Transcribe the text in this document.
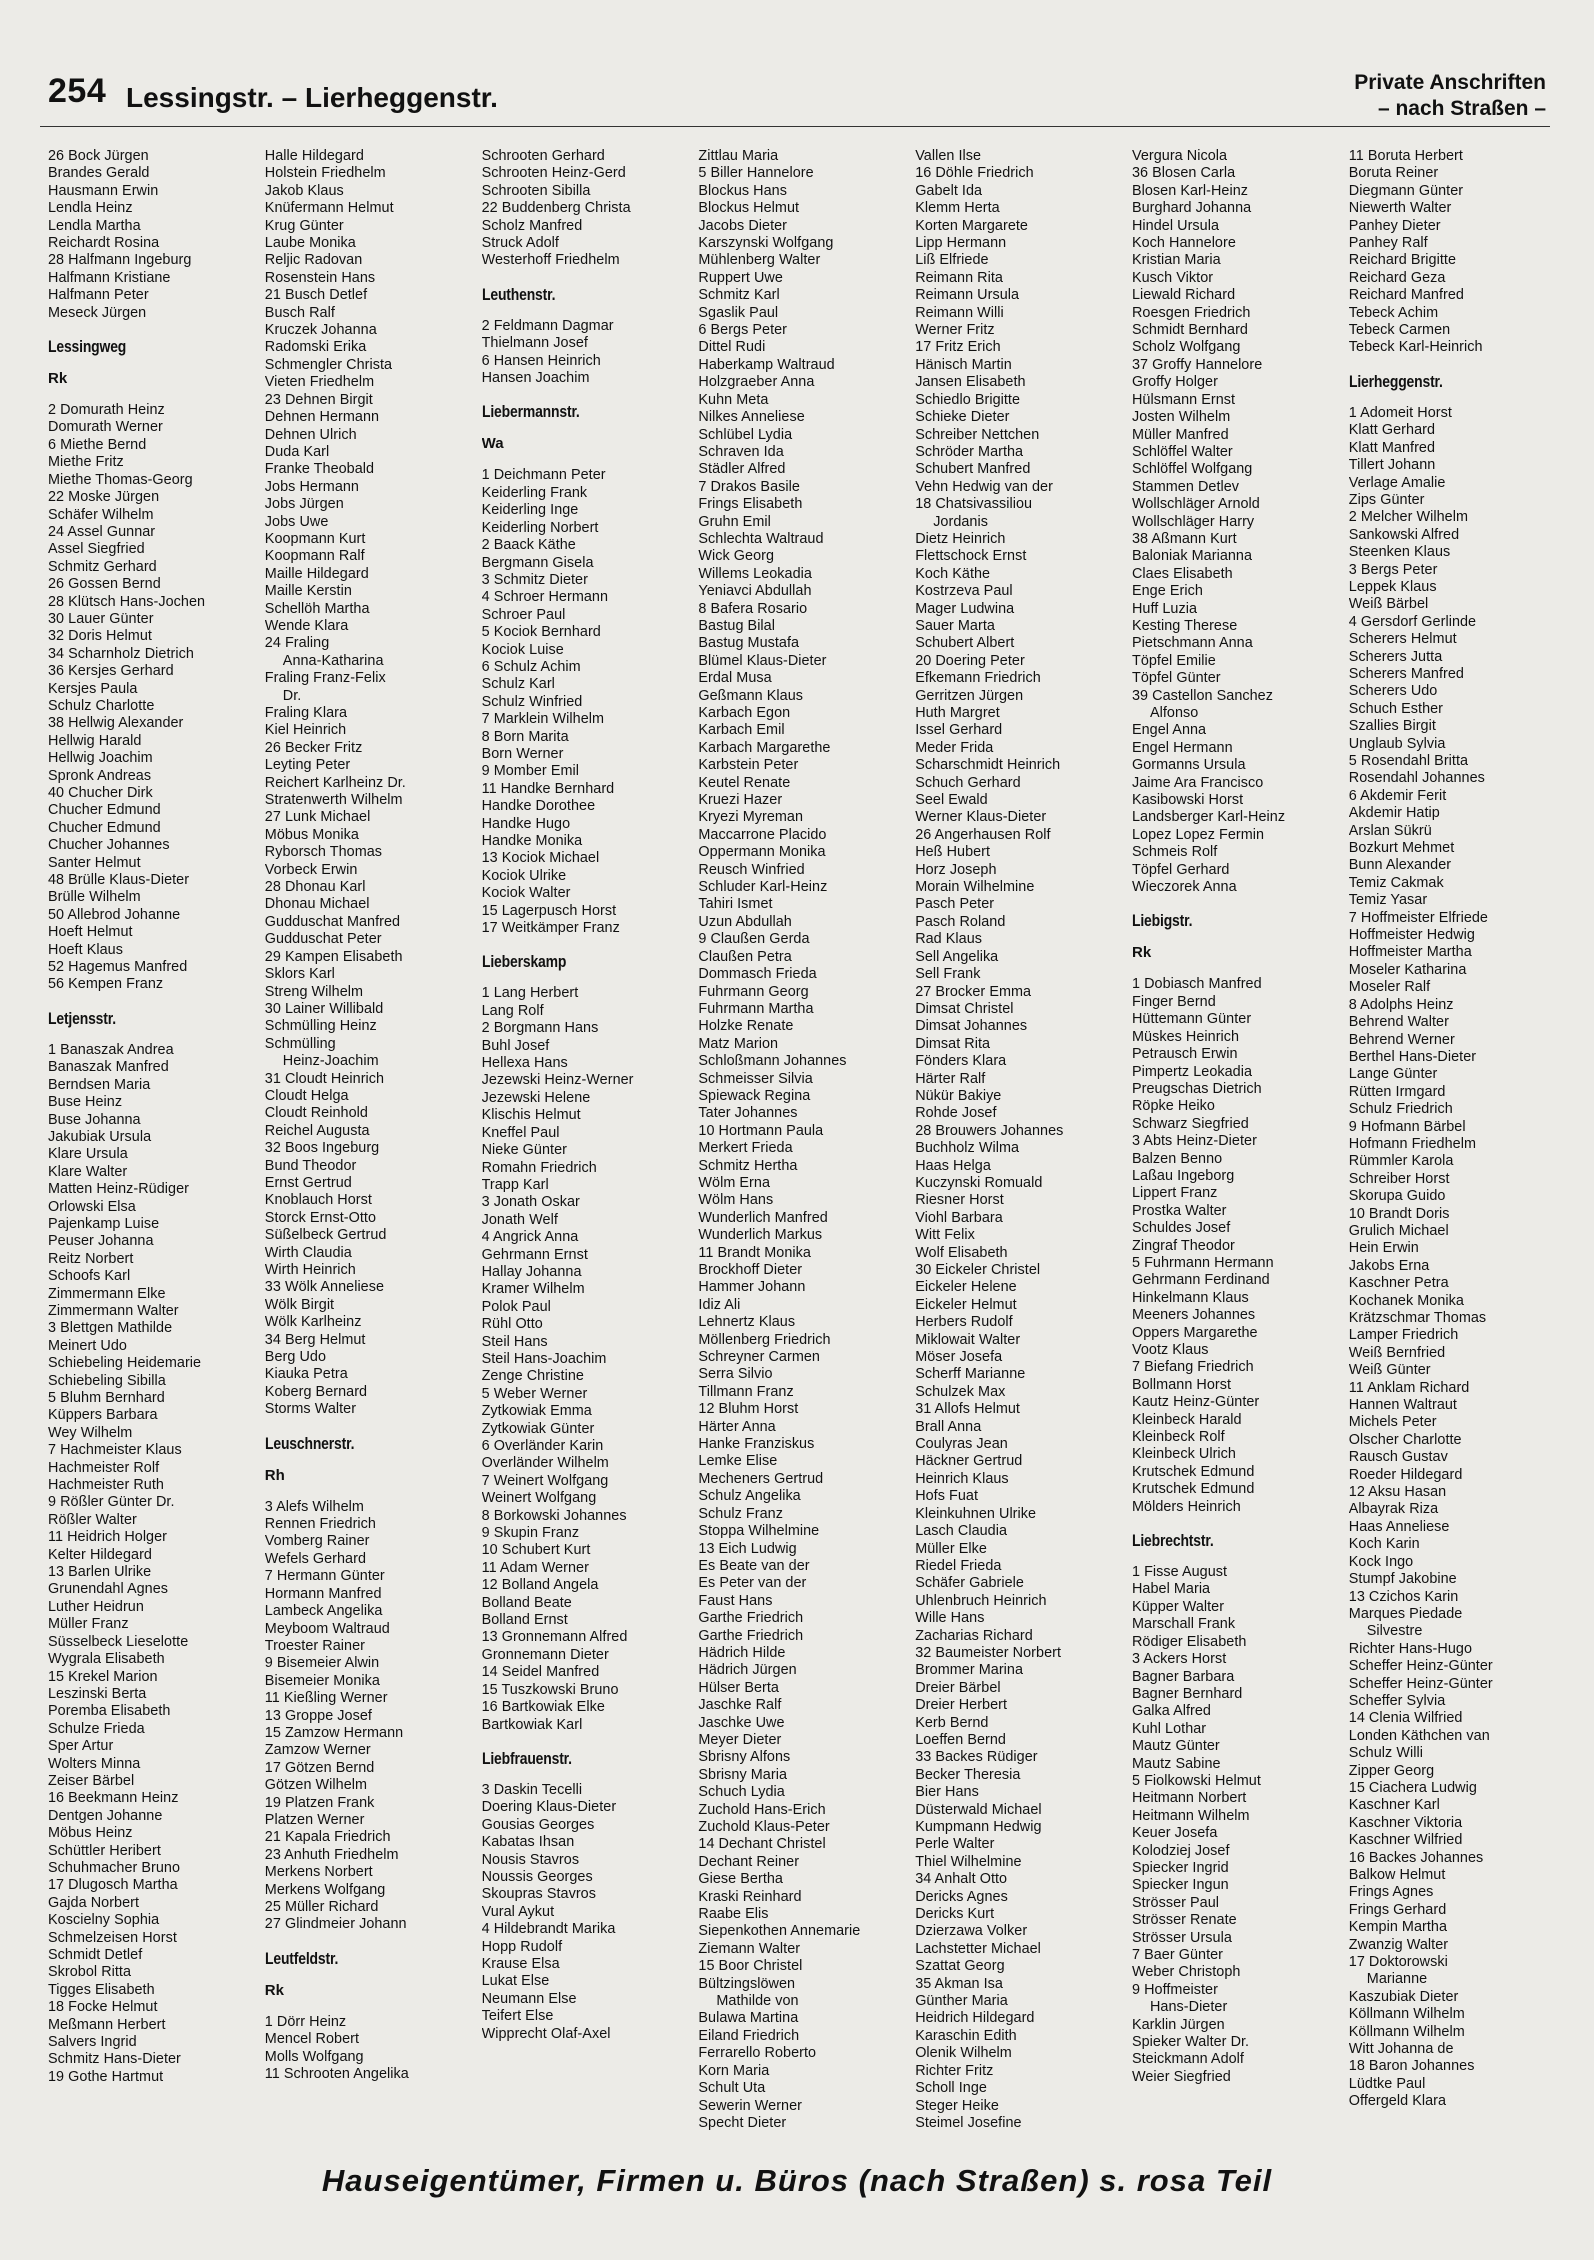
254 Lessingstr. – Lierheggenstr.	Private Anschriften
– nach Straßen –
26 Bock Jürgen
Brandes Gerald
Hausmann Erwin
Lendla Heinz
Lendla Martha
Reichardt Rosina
28 Halfmann Ingeburg
Halfmann Kristiane
Halfmann Peter
Meseck Jürgen
Lessingweg
Rk
2 Domurath Heinz
Domurath Werner
6 Miethe Bernd
Miethe Fritz
Miethe Thomas-Georg
22 Moske Jürgen
Schäfer Wilhelm
24 Assel Gunnar
Assel Siegfried
Schmitz Gerhard
26 Gossen Bernd
28 Klütsch Hans-Jochen
30 Lauer Günter
32 Doris Helmut
34 Scharnholz Dietrich
36 Kersjes Gerhard
Kersjes Paula
Schulz Charlotte
38 Hellwig Alexander
Hellwig Harald
Hellwig Joachim
Spronk Andreas
40 Chucher Dirk
Chucher Edmund
Chucher Edmund
Chucher Johannes
Santer Helmut
48 Brülle Klaus-Dieter
Brülle Wilhelm
50 Allebrod Johanne
Hoeft Helmut
Hoeft Klaus
52 Hagemus Manfred
56 Kempen Franz
Letjensstr.
1 Banaszak Andrea
Banaszak Manfred
Berndsen Maria
Buse Heinz
Buse Johanna
Jakubiak Ursula
Klare Ursula
Klare Walter
Matten Heinz-Rüdiger
Orlowski Elsa
Pajenkamp Luise
Peuser Johanna
Reitz Norbert
Schoofs Karl
Zimmermann Elke
Zimmermann Walter
3 Blettgen Mathilde
Meinert Udo
Schiebeling Heidemarie
Schiebeling Sibilla
5 Bluhm Bernhard
Küppers Barbara
Wey Wilhelm
7 Hachmeister Klaus
Hachmeister Rolf
Hachmeister Ruth
9 Rößler Günter Dr.
Rößler Walter
11 Heidrich Holger
Kelter Hildegard
13 Barlen Ulrike
Grunendahl Agnes
Luther Heidrun
Müller Franz
Süsselbeck Lieselotte
Wygrala Elisabeth
15 Krekel Marion
Leszinski Berta
Poremba Elisabeth
Schulze Frieda
Sper Artur
Wolters Minna
Zeiser Bärbel
16 Beekmann Heinz
Dentgen Johanne
Möbus Heinz
Schüttler Heribert
Schuhmacher Bruno
17 Dlugosch Martha
Gajda Norbert
Koscielny Sophia
Schmelzeisen Horst
Schmidt Detlef
Skrobol Ritta
Tigges Elisabeth
18 Focke Helmut
Meßmann Herbert
Salvers Ingrid
Schmitz Hans-Dieter
19 Gothe Hartmut
Halle Hildegard
Holstein Friedhelm
Jakob Klaus
Knüfermann Helmut
Krug Günter
Laube Monika
Reljic Radovan
Rosenstein Hans
21 Busch Detlef
Busch Ralf
Kruczek Johanna
Radomski Erika
Schmengler Christa
Vieten Friedhelm
23 Dehnen Birgit
Dehnen Hermann
Dehnen Ulrich
Duda Karl
Franke Theobald
Jobs Hermann
Jobs Jürgen
Jobs Uwe
Koopmann Kurt
Koopmann Ralf
Maille Hildegard
Maille Kerstin
Schellöh Martha
Wende Klara
24 Fraling
Anna-Katharina
Fraling Franz-Felix
Dr.
Fraling Klara
Kiel Heinrich
26 Becker Fritz
Leyting Peter
Reichert Karlheinz Dr.
Stratenwerth Wilhelm
27 Lunk Michael
Möbus Monika
Ryborsch Thomas
Vorbeck Erwin
28 Dhonau Karl
Dhonau Michael
Gudduschat Manfred
Gudduschat Peter
29 Kampen Elisabeth
Sklors Karl
Streng Wilhelm
30 Lainer Willibald
Schmülling Heinz
Schmülling
Heinz-Joachim
31 Cloudt Heinrich
Cloudt Helga
Cloudt Reinhold
Reichel Augusta
32 Boos Ingeburg
Bund Theodor
Ernst Gertrud
Knoblauch Horst
Storck Ernst-Otto
Süßelbeck Gertrud
Wirth Claudia
Wirth Heinrich
33 Wölk Anneliese
Wölk Birgit
Wölk Karlheinz
34 Berg Helmut
Berg Udo
Kiauka Petra
Koberg Bernard
Storms Walter
Leuschnerstr.
Rh
3 Alefs Wilhelm
Rennen Friedrich
Vomberg Rainer
Wefels Gerhard
7 Hermann Günter
Hormann Manfred
Lambeck Angelika
Meyboom Waltraud
Troester Rainer
9 Bisemeier Alwin
Bisemeier Monika
11 Kießling Werner
13 Groppe Josef
15 Zamzow Hermann
Zamzow Werner
17 Götzen Bernd
Götzen Wilhelm
19 Platzen Frank
Platzen Werner
21 Kapala Friedrich
23 Anhuth Friedhelm
Merkens Norbert
Merkens Wolfgang
25 Müller Richard
27 Glindmeier Johann
Leutfeldstr.
Rk
1 Dörr Heinz
Mencel Robert
Molls Wolfgang
11 Schrooten Angelika
Schrooten Gerhard
Schrooten Heinz-Gerd
Schrooten Sibilla
22 Buddenberg Christa
Scholz Manfred
Struck Adolf
Westerhoff Friedhelm
Leuthenstr.
2 Feldmann Dagmar
Thielmann Josef
6 Hansen Heinrich
Hansen Joachim
Liebermannstr.
Wa
1 Deichmann Peter
Keiderling Frank
Keiderling Inge
Keiderling Norbert
2 Baack Käthe
Bergmann Gisela
3 Schmitz Dieter
4 Schroer Hermann
Schroer Paul
5 Kociok Bernhard
Kociok Luise
6 Schulz Achim
Schulz Karl
Schulz Winfried
7 Marklein Wilhelm
8 Born Marita
Born Werner
9 Momber Emil
11 Handke Bernhard
Handke Dorothee
Handke Hugo
Handke Monika
13 Kociok Michael
Kociok Ulrike
Kociok Walter
15 Lagerpusch Horst
17 Weitkämper Franz
Lieberskamp
1 Lang Herbert
Lang Rolf
2 Borgmann Hans
Buhl Josef
Hellexa Hans
Jezewski Heinz-Werner
Jezewski Helene
Klischis Helmut
Kneffel Paul
Nieke Günter
Romahn Friedrich
Trapp Karl
3 Jonath Oskar
Jonath Welf
4 Angrick Anna
Gehrmann Ernst
Hallay Johanna
Kramer Wilhelm
Polok Paul
Rühl Otto
Steil Hans
Steil Hans-Joachim
Zenge Christine
5 Weber Werner
Zytkowiak Emma
Zytkowiak Günter
6 Overländer Karin
Overländer Wilhelm
7 Weinert Wolfgang
Weinert Wolfgang
8 Borkowski Johannes
9 Skupin Franz
10 Schubert Kurt
11 Adam Werner
12 Bolland Angela
Bolland Beate
Bolland Ernst
13 Gronnemann Alfred
Gronnemann Dieter
14 Seidel Manfred
15 Tuszkowski Bruno
16 Bartkowiak Elke
Bartkowiak Karl
Liebfrauenstr.
3 Daskin Tecelli
Doering Klaus-Dieter
Gousias Georges
Kabatas Ihsan
Nousis Stavros
Noussis Georges
Skoupras Stavros
Vural Aykut
4 Hildebrandt Marika
Hopp Rudolf
Krause Elsa
Lukat Else
Neumann Else
Teifert Else
Wipprecht Olaf-Axel
Zittlau Maria
5 Biller Hannelore
Blockus Hans
Blockus Helmut
Jacobs Dieter
Karszynski Wolfgang
Mühlenberg Walter
Ruppert Uwe
Schmitz Karl
Sgaslik Paul
6 Bergs Peter
Dittel Rudi
Haberkamp Waltraud
Holzgraeber Anna
Kuhn Meta
Nilkes Anneliese
Schlübel Lydia
Schraven Ida
Städler Alfred
7 Drakos Basile
Frings Elisabeth
Gruhn Emil
Schlechta Waltraud
Wick Georg
Willems Leokadia
Yeniavci Abdullah
8 Bafera Rosario
Bastug Bilal
Bastug Mustafa
Blümel Klaus-Dieter
Erdal Musa
Geßmann Klaus
Karbach Egon
Karbach Emil
Karbach Margarethe
Karbstein Peter
Keutel Renate
Kruezi Hazer
Kryezi Myreman
Maccarrone Placido
Oppermann Monika
Reusch Winfried
Schluder Karl-Heinz
Tahiri Ismet
Uzun Abdullah
9 Claußen Gerda
Claußen Petra
Dommasch Frieda
Fuhrmann Georg
Fuhrmann Martha
Holzke Renate
Matz Marion
Schloßmann Johannes
Schmeisser Silvia
Spiewack Regina
Tater Johannes
10 Hortmann Paula
Merkert Frieda
Schmitz Hertha
Wölm Erna
Wölm Hans
Wunderlich Manfred
Wunderlich Markus
11 Brandt Monika
Brockhoff Dieter
Hammer Johann
Idiz Ali
Lehnertz Klaus
Möllenberg Friedrich
Schreyner Carmen
Serra Silvio
Tillmann Franz
12 Bluhm Horst
Härter Anna
Hanke Franziskus
Lemke Elise
Mecheners Gertrud
Schulz Angelika
Schulz Franz
Stoppa Wilhelmine
13 Eich Ludwig
Es Beate van der
Es Peter van der
Faust Hans
Garthe Friedrich
Garthe Friedrich
Hädrich Hilde
Hädrich Jürgen
Hülser Berta
Jaschke Ralf
Jaschke Uwe
Meyer Dieter
Sbrisny Alfons
Sbrisny Maria
Schuch Lydia
Zuchold Hans-Erich
Zuchold Klaus-Peter
14 Dechant Christel
Dechant Reiner
Giese Bertha
Kraski Reinhard
Raabe Elis
Siepenkothen Annemarie
Ziemann Walter
15 Boor Christel
Bültzingslöwen
Mathilde von
Bulawa Martina
Eiland Friedrich
Ferrarello Roberto
Korn Maria
Schult Uta
Sewerin Werner
Specht Dieter
Vallen Ilse
16 Döhle Friedrich
Gabelt Ida
Klemm Herta
Korten Margarete
Lipp Hermann
Liß Elfriede
Reimann Rita
Reimann Ursula
Reimann Willi
Werner Fritz
17 Fritz Erich
Hänisch Martin
Jansen Elisabeth
Schiedlo Brigitte
Schieke Dieter
Schreiber Nettchen
Schröder Martha
Schubert Manfred
Vehn Hedwig van der
18 Chatsivassiliou
Jordanis
Dietz Heinrich
Flettschock Ernst
Koch Käthe
Kostrzeva Paul
Mager Ludwina
Sauer Marta
Schubert Albert
20 Doering Peter
Efkemann Friedrich
Gerritzen Jürgen
Huth Margret
Issel Gerhard
Meder Frida
Scharschmidt Heinrich
Schuch Gerhard
Seel Ewald
Werner Klaus-Dieter
26 Angerhausen Rolf
Heß Hubert
Horz Joseph
Morain Wilhelmine
Pasch Peter
Pasch Roland
Rad Klaus
Sell Angelika
Sell Frank
27 Brocker Emma
Dimsat Christel
Dimsat Johannes
Dimsat Rita
Fönders Klara
Härter Ralf
Nükür Bakiye
Rohde Josef
28 Brouwers Johannes
Buchholz Wilma
Haas Helga
Kuczynski Romuald
Riesner Horst
Viohl Barbara
Witt Felix
Wolf Elisabeth
30 Eickeler Christel
Eickeler Helene
Eickeler Helmut
Herbers Rudolf
Miklowait Walter
Möser Josefa
Scherff Marianne
Schulzek Max
31 Allofs Helmut
Brall Anna
Coulyras Jean
Häckner Gertrud
Heinrich Klaus
Hofs Fuat
Kleinkuhnen Ulrike
Lasch Claudia
Müller Elke
Riedel Frieda
Schäfer Gabriele
Uhlenbruch Heinrich
Wille Hans
Zacharias Richard
32 Baumeister Norbert
Brommer Marina
Dreier Bärbel
Dreier Herbert
Kerb Bernd
Loeffen Bernd
33 Backes Rüdiger
Becker Theresia
Bier Hans
Düsterwald Michael
Kumpmann Hedwig
Perle Walter
Thiel Wilhelmine
34 Anhalt Otto
Dericks Agnes
Dericks Kurt
Dzierzawa Volker
Lachstetter Michael
Szattat Georg
35 Akman Isa
Günther Maria
Heidrich Hildegard
Karaschin Edith
Olenik Wilhelm
Richter Fritz
Scholl Inge
Steger Heike
Steimel Josefine
Vergura Nicola
36 Blosen Carla
Blosen Karl-Heinz
Burghard Johanna
Hindel Ursula
Koch Hannelore
Kristian Maria
Kusch Viktor
Liewald Richard
Roesgen Friedrich
Schmidt Bernhard
Scholz Wolfgang
37 Groffy Hannelore
Groffy Holger
Hülsmann Ernst
Josten Wilhelm
Müller Manfred
Schlöffel Walter
Schlöffel Wolfgang
Stammen Detlev
Wollschläger Arnold
Wollschläger Harry
38 Aßmann Kurt
Baloniak Marianna
Claes Elisabeth
Enge Erich
Huff Luzia
Kesting Therese
Pietschmann Anna
Töpfel Emilie
Töpfel Günter
39 Castellon Sanchez
Alfonso
Engel Anna
Engel Hermann
Gormanns Ursula
Jaime Ara Francisco
Kasibowski Horst
Landsberger Karl-Heinz
Lopez Lopez Fermin
Schmeis Rolf
Töpfel Gerhard
Wieczorek Anna
Liebigstr.
Rk
1 Dobiasch Manfred
Finger Bernd
Hüttemann Günter
Müskes Heinrich
Petrausch Erwin
Pimpertz Leokadia
Preugschas Dietrich
Röpke Heiko
Schwarz Siegfried
3 Abts Heinz-Dieter
Balzen Benno
Laßau Ingeborg
Lippert Franz
Prostka Walter
Schuldes Josef
Zingraf Theodor
5 Fuhrmann Hermann
Gehrmann Ferdinand
Hinkelmann Klaus
Meeners Johannes
Oppers Margarethe
Vootz Klaus
7 Biefang Friedrich
Bollmann Horst
Kautz Heinz-Günter
Kleinbeck Harald
Kleinbeck Rolf
Kleinbeck Ulrich
Krutschek Edmund
Krutschek Edmund
Mölders Heinrich
Liebrechtstr.
1 Fisse August
Habel Maria
Küpper Walter
Marschall Frank
Rödiger Elisabeth
3 Ackers Horst
Bagner Barbara
Bagner Bernhard
Galka Alfred
Kuhl Lothar
Mautz Günter
Mautz Sabine
5 Fiolkowski Helmut
Heitmann Norbert
Heitmann Wilhelm
Keuer Josefa
Kolodziej Josef
Spiecker Ingrid
Spiecker Ingun
Strösser Paul
Strösser Renate
Strösser Ursula
7 Baer Günter
Weber Christoph
9 Hoffmeister
Hans-Dieter
Karklin Jürgen
Spieker Walter Dr.
Steickmann Adolf
Weier Siegfried
11 Boruta Herbert
Boruta Reiner
Diegmann Günter
Niewerth Walter
Panhey Dieter
Panhey Ralf
Reichard Brigitte
Reichard Geza
Reichard Manfred
Tebeck Achim
Tebeck Carmen
Tebeck Karl-Heinrich
Lierheggenstr.
1 Adomeit Horst
Klatt Gerhard
Klatt Manfred
Tillert Johann
Verlage Amalie
Zips Günter
2 Melcher Wilhelm
Sankowski Alfred
Steenken Klaus
3 Bergs Peter
Leppek Klaus
Weiß Bärbel
4 Gersdorf Gerlinde
Scherers Helmut
Scherers Jutta
Scherers Manfred
Scherers Udo
Schuch Esther
Szallies Birgit
Unglaub Sylvia
5 Rosendahl Britta
Rosendahl Johannes
6 Akdemir Ferit
Akdemir Hatip
Arslan Sükrü
Bozkurt Mehmet
Bunn Alexander
Temiz Cakmak
Temiz Yasar
7 Hoffmeister Elfriede
Hoffmeister Hedwig
Hoffmeister Martha
Moseler Katharina
Moseler Ralf
8 Adolphs Heinz
Behrend Walter
Behrend Werner
Berthel Hans-Dieter
Lange Günter
Rütten Irmgard
Schulz Friedrich
9 Hofmann Bärbel
Hofmann Friedhelm
Rümmler Karola
Schreiber Horst
Skorupa Guido
10 Brandt Doris
Grulich Michael
Hein Erwin
Jakobs Erna
Kaschner Petra
Kochanek Monika
Krätzschmar Thomas
Lamper Friedrich
Weiß Bernfried
Weiß Günter
11 Anklam Richard
Hannen Waltraut
Michels Peter
Olscher Charlotte
Rausch Gustav
Roeder Hildegard
12 Aksu Hasan
Albayrak Riza
Haas Anneliese
Koch Karin
Kock Ingo
Stumpf Jakobine
13 Czichos Karin
Marques Piedade
Silvestre
Richter Hans-Hugo
Scheffer Heinz-Günter
Scheffer Heinz-Günter
Scheffer Sylvia
14 Clenia Wilfried
Londen Käthchen van
Schulz Willi
Zipper Georg
15 Ciachera Ludwig
Kaschner Karl
Kaschner Viktoria
Kaschner Wilfried
16 Backes Johannes
Balkow Helmut
Frings Agnes
Frings Gerhard
Kempin Martha
Zwanzig Walter
17 Doktorowski
Marianne
Kaszubiak Dieter
Köllmann Wilhelm
Köllmann Wilhelm
Witt Johanna de
18 Baron Johannes
Lüdtke Paul
Offergeld Klara
Hauseigentümer, Firmen u. Büros (nach Straßen) s. rosa Teil
